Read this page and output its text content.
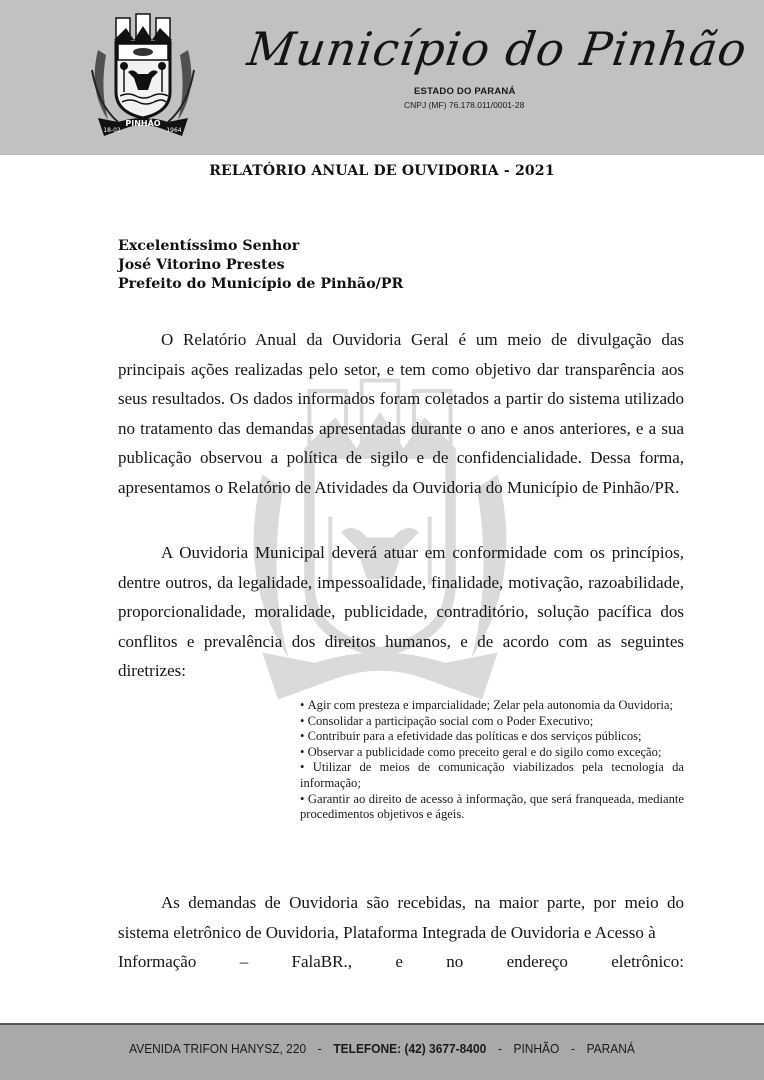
PINHÃO
18-02	1964
Município do Pinhão
ESTADO DO PARANÁ
CNPJ (MF) 76.178.011/0001-28
RELATÓRIO ANUAL DE OUVIDORIA - 2021
Excelentíssimo Senhor
José Vitorino Prestes
Prefeito do Município de Pinhão/PR

O Relatório Anual da Ouvidoria Geral é um meio de divulgação das principais ações realizadas pelo setor, e tem como objetivo dar transparência aos seus resultados. Os dados informados foram coletados a partir do sistema utilizado no tratamento das demandas apresentadas durante o ano e anos anteriores, e a sua publicação observou a política de sigilo e de confidencialidade. Dessa forma, apresentamos o Relatório de Atividades da Ouvidoria do Município de Pinhão/PR.

A Ouvidoria Municipal deverá atuar em conformidade com os princípios, dentre outros, da legalidade, impessoalidade, finalidade, motivação, razoabilidade, proporcionalidade, moralidade, publicidade, contraditório, solução pacífica dos conflitos e prevalência dos direitos humanos, e de acordo com as seguintes diretrizes:

• Agir com presteza e imparcialidade; Zelar pela autonomia da Ouvidoria;
• Consolidar a participação social com o Poder Executivo;
• Contribuir para a efetividade das políticas e dos serviços públicos;
• Observar a publicidade como preceito geral e do sigilo como exceção;
• Utilizar de meios de comunicação viabilizados pela tecnologia da informação;
• Garantir ao direito de acesso à informação, que será franqueada, mediante procedimentos objetivos e ágeis.
As demandas de Ouvidoria são recebidas, na maior parte, por meio do sistema eletrônico de Ouvidoria, Plataforma Integrada de Ouvidoria e Acesso à
Informação	–	FalaBR.,	e	no	endereço	eletrônico:
AVENIDA TRIFON HANYSZ, 220 - TELEFONE: (42) 3677-8400 - PINHÃO - PARANÁ
